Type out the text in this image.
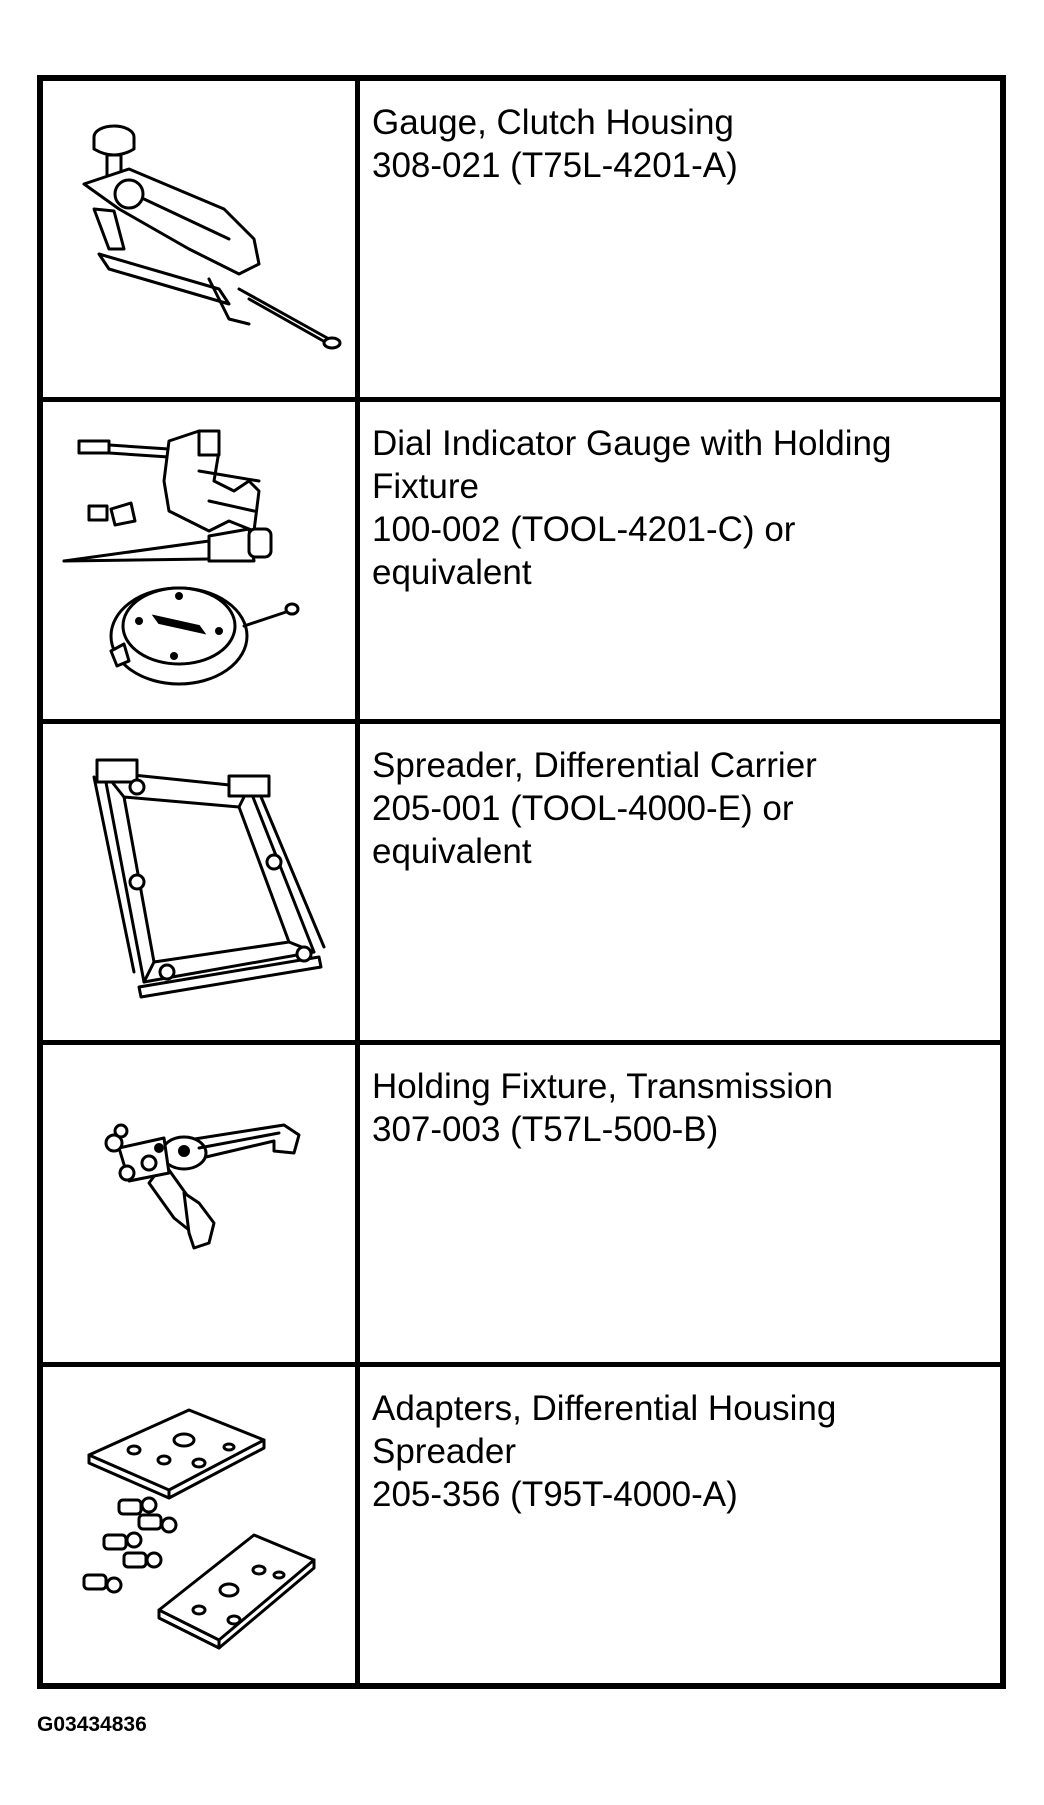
Gauge, Clutch Housing
308-021 (T75L-4201-A)
Dial Indicator Gauge with Holding
Fixture
100-002 (TOOL-4201-C) or
equivalent
Spreader, Differential Carrier
205-001 (TOOL-4000-E) or
equivalent
Holding Fixture, Transmission
307-003 (T57L-500-B)
Adapters, Differential Housing
Spreader
205-356 (T95T-4000-A)
G03434836
